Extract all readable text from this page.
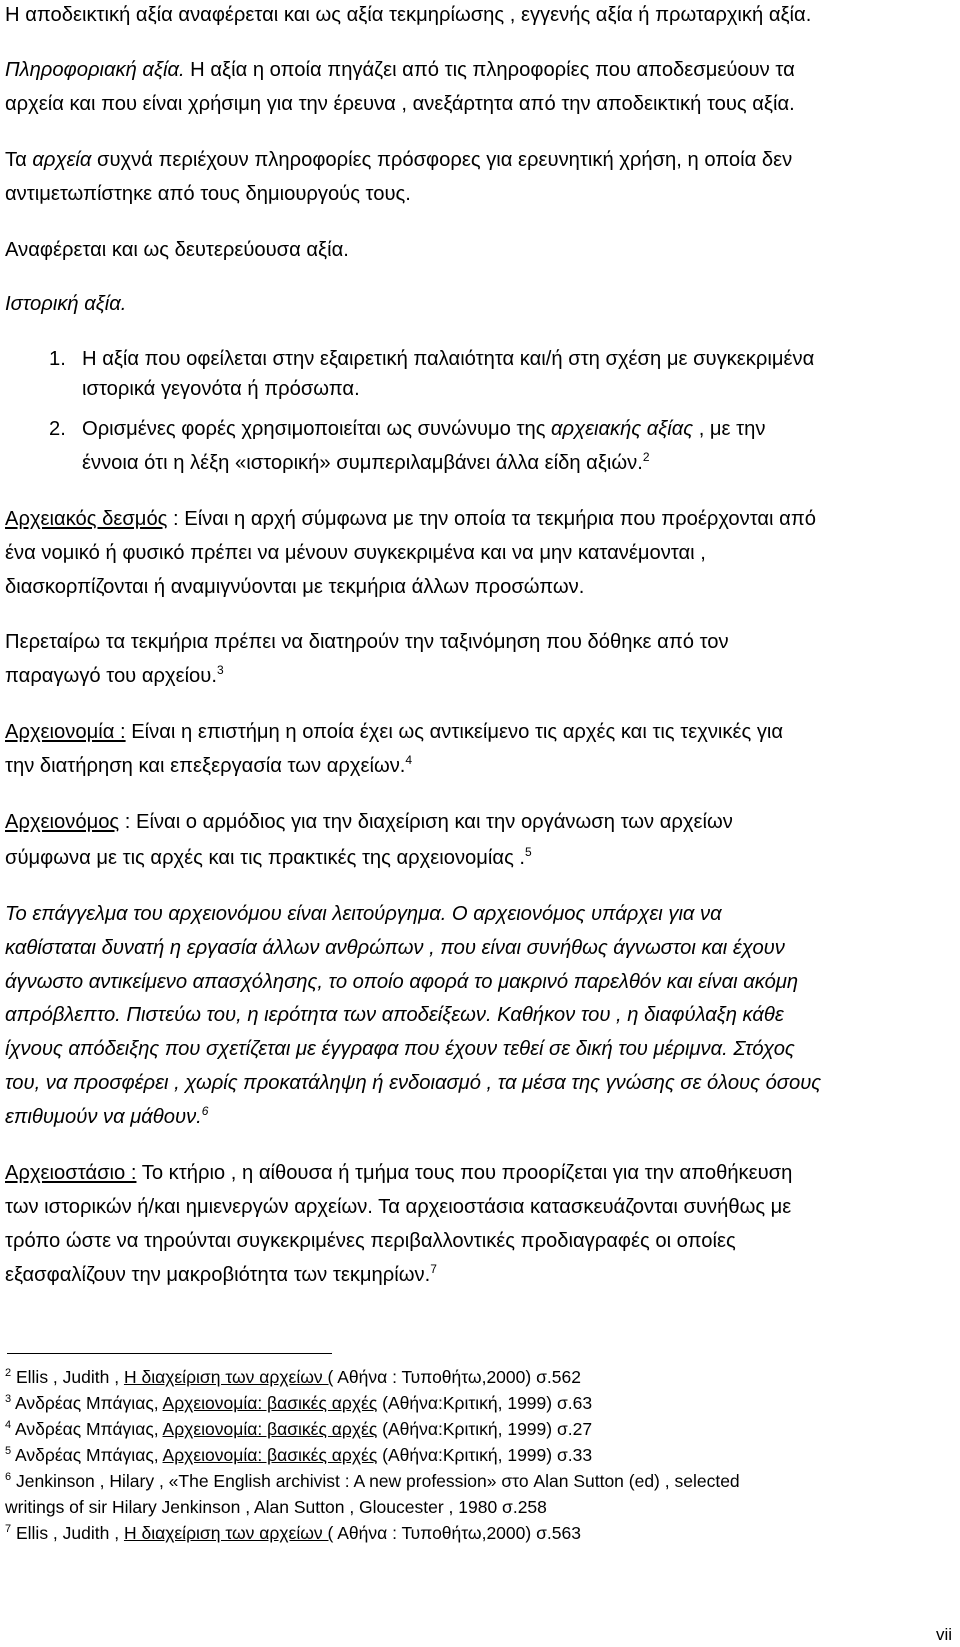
Η αποδεικτική αξία αναφέρεται και ως αξία τεκμηρίωσης , εγγενής αξία ή πρωταρχική αξία.
Πληροφοριακή αξία. Η αξία η οποία πηγάζει από τις πληροφορίες που αποδεσμεύουν τα
αρχεία και που είναι χρήσιμη για την έρευνα , ανεξάρτητα από την αποδεικτική τους αξία.
Τα αρχεία συχνά περιέχουν πληροφορίες πρόσφορες για ερευνητική χρήση, η οποία δεν
αντιμετωπίστηκε από τους δημιουργούς τους.
Αναφέρεται και ως δευτερεύουσα αξία.
Ιστορική αξία.
1. Η αξία που οφείλεται στην εξαιρετική παλαιότητα και/ή στη σχέση με συγκεκριμένα
ιστορικά γεγονότα ή πρόσωπα.
2. Ορισμένες φορές χρησιμοποιείται ως συνώνυμο της αρχειακής αξίας , με την
έννοια ότι η λέξη «ιστορική» συμπεριλαμβάνει άλλα είδη αξιών.$^2$
Αρχειακός δεσμός : Είναι η αρχή σύμφωνα με την οποία τα τεκμήρια που προέρχονται από
ένα νομικό ή φυσικό πρέπει να μένουν συγκεκριμένα και να μην κατανέμονται ,
διασκορπίζονται ή αναμιγνύονται με τεκμήρια άλλων προσώπων.
Περεταίρω τα τεκμήρια πρέπει να διατηρούν την ταξινόμηση που δόθηκε από τον
παραγωγό του αρχείου.$^3$
Αρχειονομία : Είναι η επιστήμη η οποία έχει ως αντικείμενο τις αρχές και τις τεχνικές για
την διατήρηση και επεξεργασία των αρχείων.$^4$
Αρχειονόμος : Είναι ο αρμόδιος για την διαχείριση και την οργάνωση των αρχείων
σύμφωνα με τις αρχές και τις πρακτικές της αρχειονομίας .$^5$
Το επάγγελμα του αρχειονόμου είναι λειτούργημα. Ο αρχειονόμος υπάρχει για να
καθίσταται δυνατή η εργασία άλλων ανθρώπων , που είναι συνήθως άγνωστοι και έχουν
άγνωστο αντικείμενο απασχόλησης, το οποίο αφορά το μακρινό παρελθόν και είναι ακόμη
απρόβλεπτο. Πιστεύω του, η ιερότητα των αποδείξεων. Καθήκον του , η διαφύλαξη κάθε
ίχνους απόδειξης που σχετίζεται με έγγραφα που έχουν τεθεί σε δική του μέριμνα. Στόχος
του, να προσφέρει , χωρίς προκατάληψη ή ενδοιασμό , τα μέσα της γνώσης σε όλους όσους
επιθυμούν να μάθουν.$^6$
Αρχειοστάσιο : Το κτήριο , η αίθουσα ή τμήμα τους που προορίζεται για την αποθήκευση
των ιστορικών ή/και ημιενεργών αρχείων. Τα αρχειοστάσια κατασκευάζονται συνήθως με
τρόπο ώστε να τηρούνται συγκεκριμένες περιβαλλοντικές προδιαγραφές οι οποίες
εξασφαλίζουν την μακροβιότητα των τεκμηρίων.$^7$
$^2$ Ellis , Judith , Η διαχείριση των αρχείων ( Αθήνα : Τυποθήτω,2000) σ.562
$^3$ Ανδρέας Μπάγιας, Αρχειονομία: βασικές αρχές (Αθήνα:Κριτική, 1999) σ.63
$^4$ Ανδρέας Μπάγιας, Αρχειονομία: βασικές αρχές (Αθήνα:Κριτική, 1999) σ.27
$^5$ Ανδρέας Μπάγιας, Αρχειονομία: βασικές αρχές (Αθήνα:Κριτική, 1999) σ.33
$^6$ Jenkinson , Hilary , «The English archivist : A new profession» στο Alan Sutton (ed) , selected
writings of sir Hilary Jenkinson , Alan Sutton , Gloucester , 1980 σ.258
$^7$ Ellis , Judith , Η διαχείριση των αρχείων ( Αθήνα : Τυποθήτω,2000) σ.563
vii
